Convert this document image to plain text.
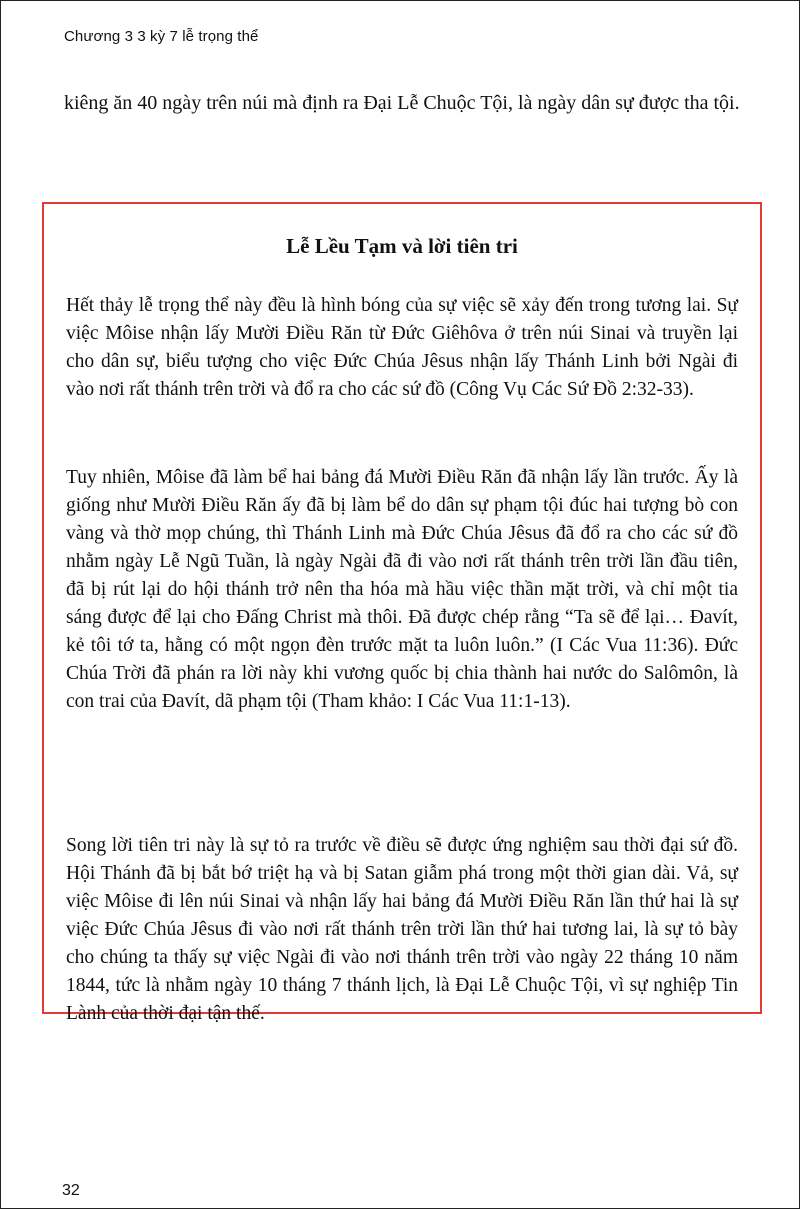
Chương 3 3 kỳ 7 lễ trọng thể

kiêng ăn 40 ngày trên núi mà định ra Đại Lễ Chuộc Tội, là ngày dân sự được tha tội.

Lễ Lều Tạm và lời tiên tri

Hết thảy lễ trọng thể này đều là hình bóng của sự việc sẽ xảy đến trong tương lai. Sự việc Môise nhận lấy Mười Điều Răn từ Đức Giêhôva ở trên núi Sinai và truyền lại cho dân sự, biểu tượng cho việc Đức Chúa Jêsus nhận lấy Thánh Linh bởi Ngài đi vào nơi rất thánh trên trời và đổ ra cho các sứ đồ (Công Vụ Các Sứ Đồ 2:32-33).

Tuy nhiên, Môise đã làm bể hai bảng đá Mười Điều Răn đã nhận lấy lần trước. Ấy là giống như Mười Điều Răn ấy đã bị làm bể do dân sự phạm tội đúc hai tượng bò con vàng và thờ mọp chúng, thì Thánh Linh mà Đức Chúa Jêsus đã đổ ra cho các sứ đồ nhằm ngày Lễ Ngũ Tuần, là ngày Ngài đã đi vào nơi rất thánh trên trời lần đầu tiên, đã bị rút lại do hội thánh trở nên tha hóa mà hầu việc thần mặt trời, và chỉ một tia sáng được để lại cho Đấng Christ mà thôi. Đã được chép rằng “Ta sẽ để lại… Đavít, kẻ tôi tớ ta, hằng có một ngọn đèn trước mặt ta luôn luôn.” (I Các Vua 11:36). Đức Chúa Trời đã phán ra lời này khi vương quốc bị chia thành hai nước do Salômôn, là con trai của Đavít, dã phạm tội (Tham khảo: I Các Vua 11:1-13).

Song lời tiên tri này là sự tỏ ra trước về điều sẽ được ứng nghiệm sau thời đại sứ đồ. Hội Thánh đã bị bắt bớ triệt hạ và bị Satan giẫm phá trong một thời gian dài. Vả, sự việc Môise đi lên núi Sinai và nhận lấy hai bảng đá Mười Điều Răn lần thứ hai là sự việc Đức Chúa Jêsus đi vào nơi rất thánh trên trời lần thứ hai tương lai, là sự tỏ bày cho chúng ta thấy sự việc Ngài đi vào nơi thánh trên trời vào ngày 22 tháng 10 năm 1844, tức là nhằm ngày 10 tháng 7 thánh lịch, là Đại Lễ Chuộc Tội, vì sự nghiệp Tin Lành của thời đại tận thế.

32
